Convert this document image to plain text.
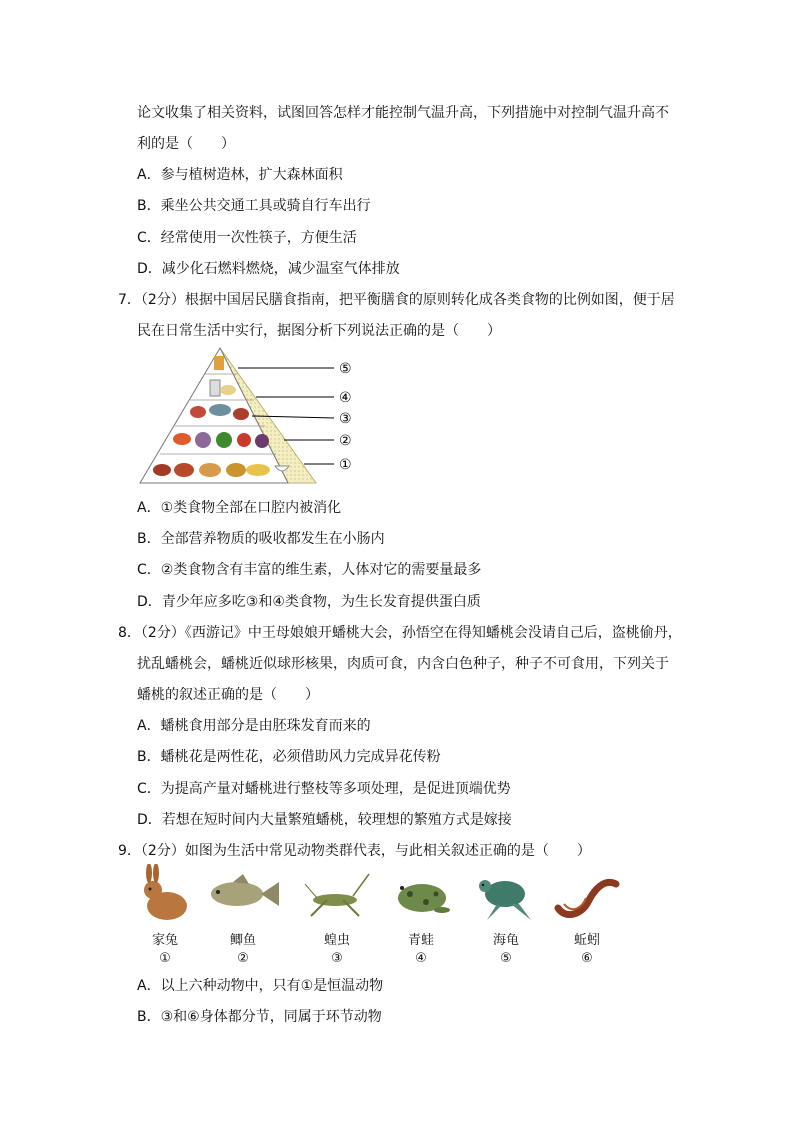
论文收集了相关资料，试图回答怎样才能控制气温升高，下列措施中对控制气温升高不
利的是（　　）
A．参与植树造林，扩大森林面积
B．乘坐公共交通工具或骑自行车出行
C．经常使用一次性筷子，方便生活
D．减少化石燃料燃烧，减少温室气体排放
7．（2分）根据中国居民膳食指南，把平衡膳食的原则转化成各类食物的比例如图，便于居
民在日常生活中实行，据图分析下列说法正确的是（　　）
⑤
④
③
②
①
A．①类食物全部在口腔内被消化
B．全部营养物质的吸收都发生在小肠内
C．②类食物含有丰富的维生素，人体对它的需要量最多
D．青少年应多吃③和④类食物，为生长发育提供蛋白质
8．（2分）《西游记》中王母娘娘开蟠桃大会，孙悟空在得知蟠桃会没请自己后，盗桃偷丹，
扰乱蟠桃会，蟠桃近似球形核果，肉质可食，内含白色种子，种子不可食用，下列关于
蟠桃的叙述正确的是（　　）
A．蟠桃食用部分是由胚珠发育而来的
B．蟠桃花是两性花，必须借助风力完成异花传粉
C．为提高产量对蟠桃进行整枝等多项处理，是促进顶端优势
D．若想在短时间内大量繁殖蟠桃，较理想的繁殖方式是嫁接
9．（2分）如图为生活中常见动物类群代表，与此相关叙述正确的是（　　）
家兔
①
鲫鱼
②
蝗虫
③
青蛙
④
海龟
⑤
蚯蚓
⑥
A．以上六种动物中，只有①是恒温动物
B．③和⑥身体都分节，同属于环节动物
